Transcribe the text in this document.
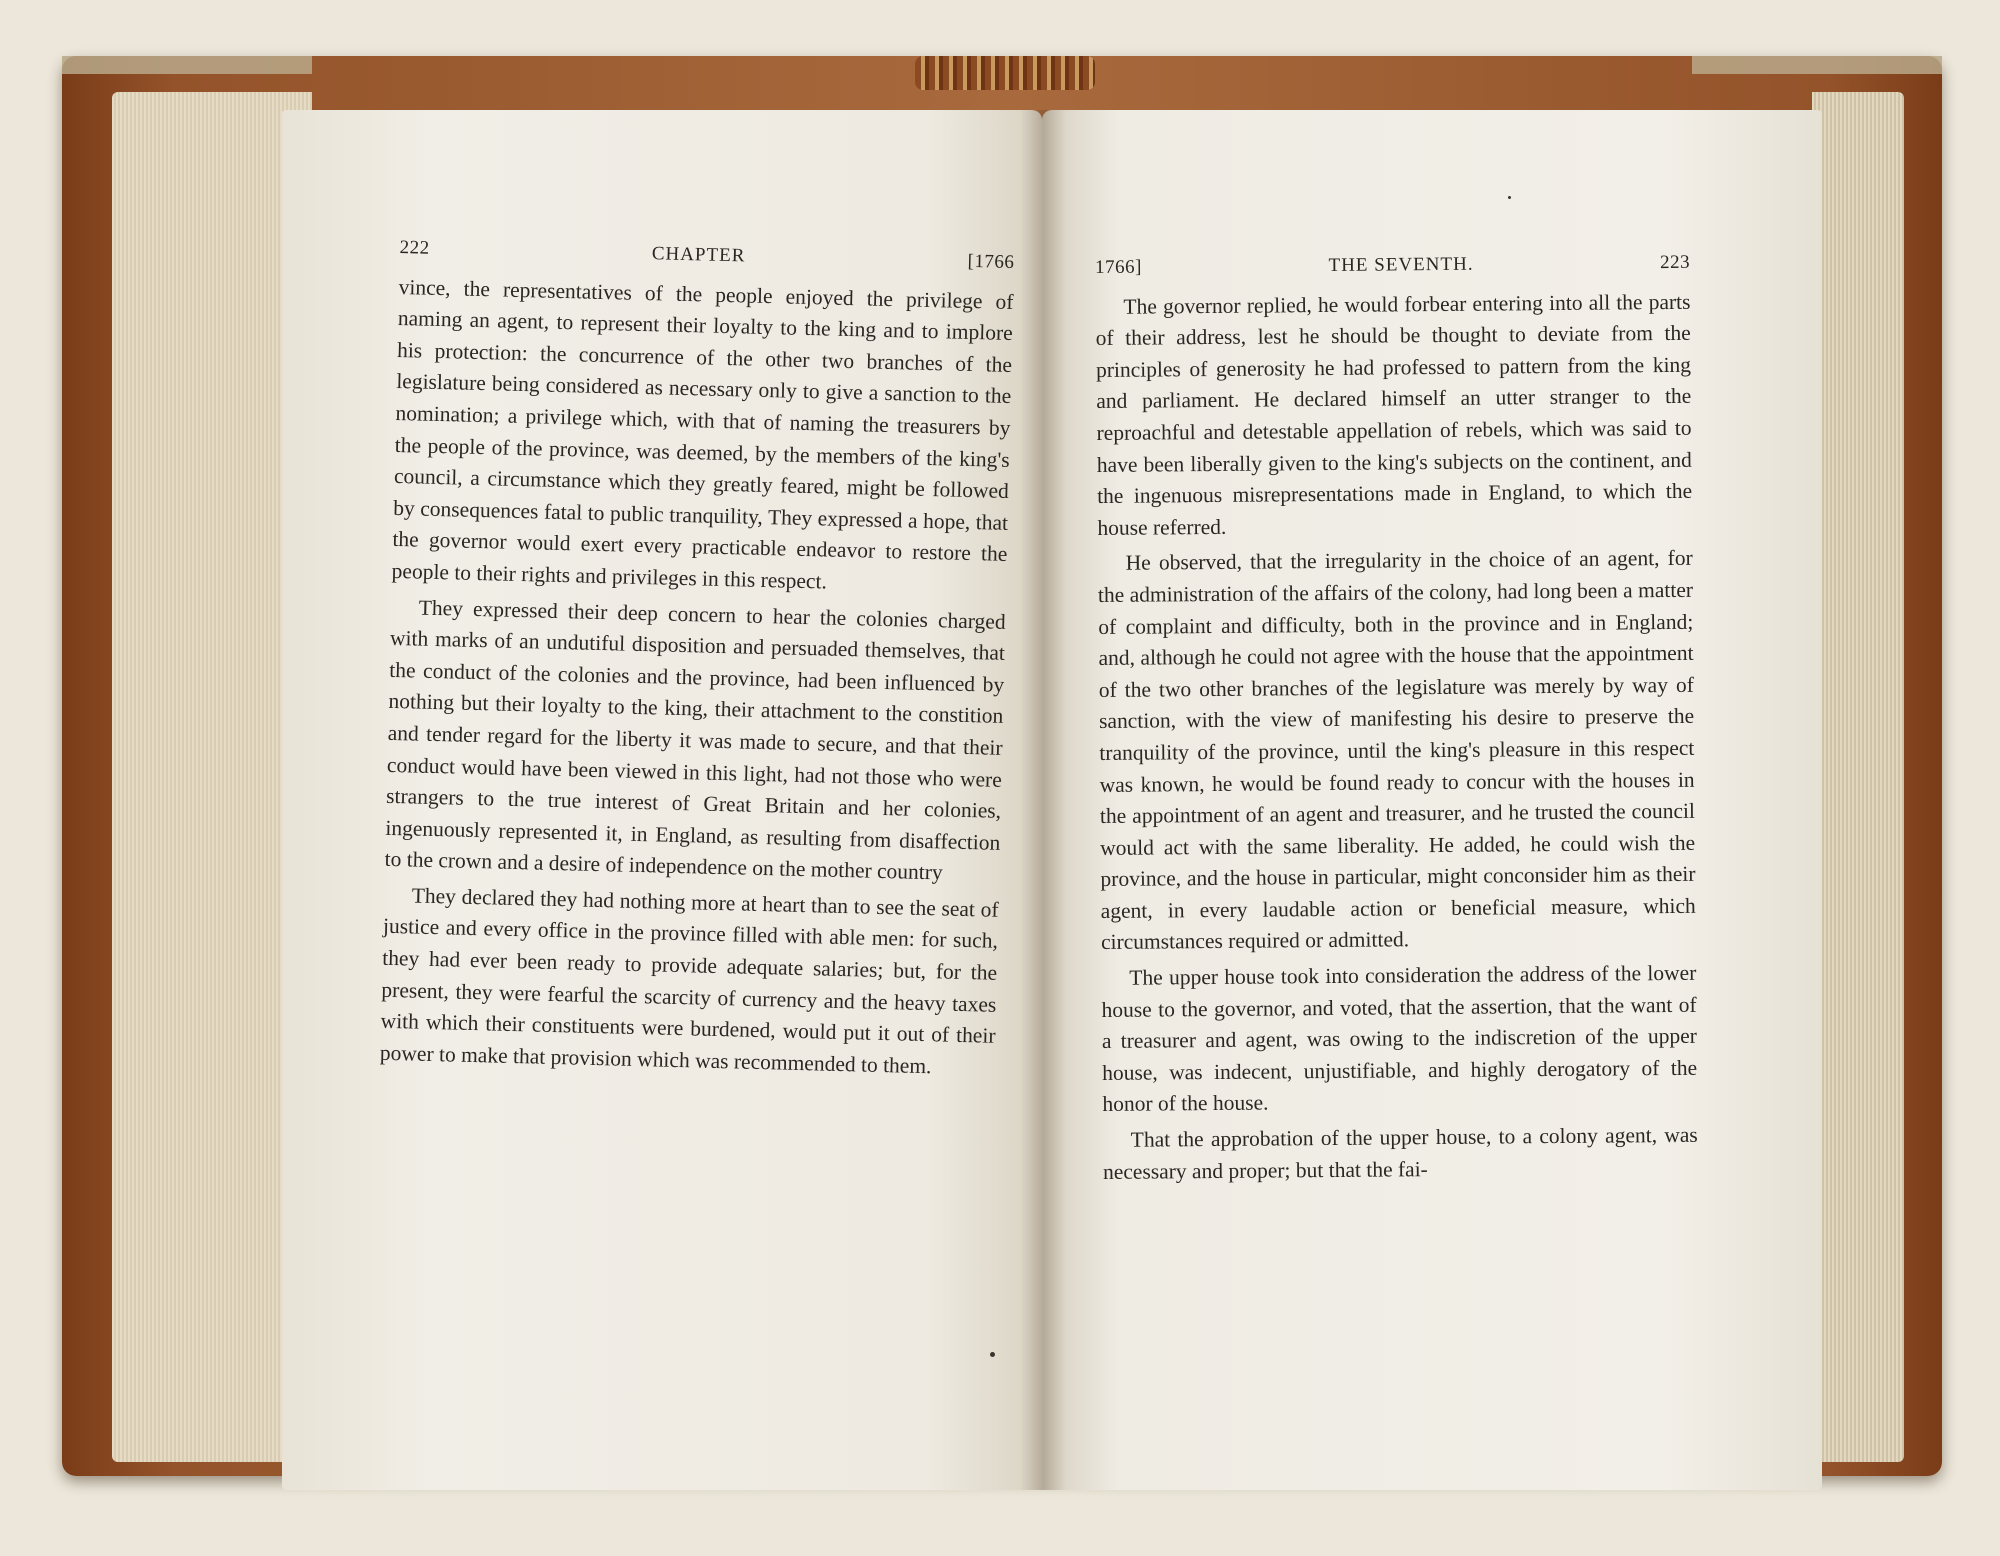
222	CHAPTER	[1766

vince, the representatives of the people enjoyed the privilege of naming an agent, to represent their loyalty to the king and to implore his protection: the concurrence of the other two branches of the legislature being considered as necessary only to give a sanction to the nomination; a privilege which, with that of naming the treasurers by the people of the province, was deemed, by the members of the king's council, a circumstance which they greatly feared, might be followed by consequences fatal to public tranquility, They expressed a hope, that the governor would exert every practicable endeavor to restore the people to their rights and privileges in this respect.

They expressed their deep concern to hear the colonies charged with marks of an undutiful disposition and persuaded themselves, that the conduct of the colonies and the province, had been influenced by nothing but their loyalty to the king, their attachment to the constition and tender regard for the liberty it was made to secure, and that their conduct would have been viewed in this light, had not those who were strangers to the true interest of Great Britain and her colonies, ingenuously represented it, in England, as resulting from disaffection to the crown and a desire of independence on the mother country

They declared they had nothing more at heart than to see the seat of justice and every office in the province filled with able men: for such, they had ever been ready to provide adequate salaries; but, for the present, they were fearful the scarcity of currency and the heavy taxes with which their constituents were burdened, would put it out of their power to make that provision which was recommended to them.

1766]	THE SEVENTH.	223

The governor replied, he would forbear entering into all the parts of their address, lest he should be thought to deviate from the principles of generosity he had professed to pattern from the king and parliament. He declared himself an utter stranger to the reproachful and detestable appellation of rebels, which was said to have been liberally given to the king's subjects on the continent, and the ingenuous misrepresentations made in England, to which the house referred.

He observed, that the irregularity in the choice of an agent, for the administration of the affairs of the colony, had long been a matter of complaint and difficulty, both in the province and in England; and, although he could not agree with the house that the appointment of the two other branches of the legislature was merely by way of sanction, with the view of manifesting his desire to preserve the tranquility of the province, until the king's pleasure in this respect was known, he would be found ready to concur with the houses in the appointment of an agent and treasurer, and he trusted the council would act with the same liberality. He added, he could wish the province, and the house in particular, might conconsider him as their agent, in every laudable action or beneficial measure, which circumstances required or admitted.

The upper house took into consideration the address of the lower house to the governor, and voted, that the assertion, that the want of a treasurer and agent, was owing to the indiscretion of the upper house, was indecent, unjustifiable, and highly derogatory of the honor of the house.

That the approbation of the upper house, to a colony agent, was necessary and proper; but that the fai-
